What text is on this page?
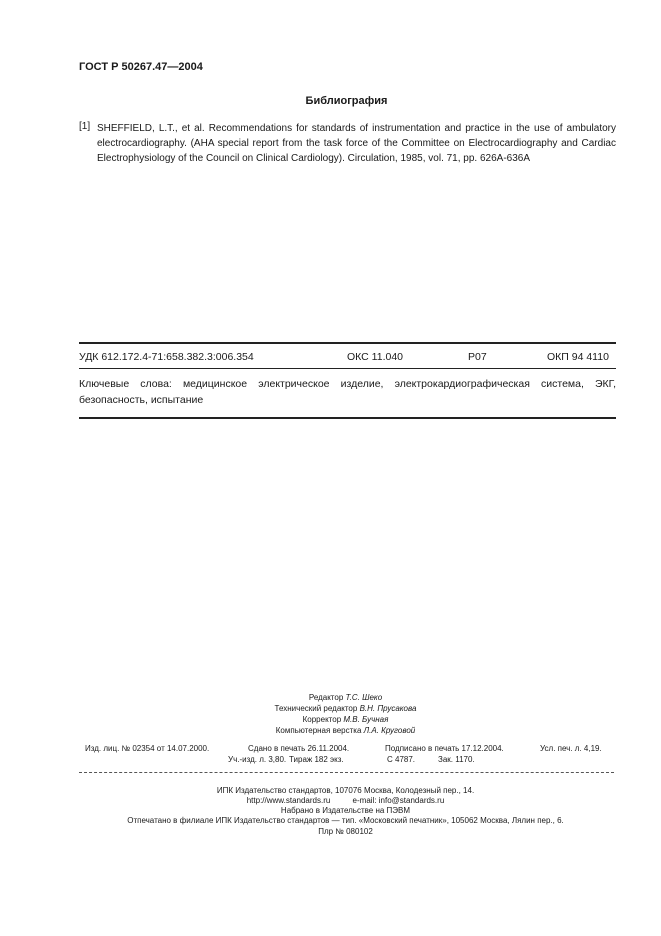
ГОСТ Р 50267.47—2004
Библиография
[1] SHEFFIELD, L.T., et al. Recommendations for standards of instrumentation and practice in the use of ambulatory electrocardiography. (AHA special report from the task force of the Committee on Electrocardiography and Cardiac Electrophysiology of the Council on Clinical Cardiology). Circulation, 1985, vol. 71, pp. 626A-636A
УДК 612.172.4-71:658.382.3:006.354	ОКС 11.040	Р07	ОКП 94 4110
Ключевые слова: медицинское электрическое изделие, электрокардиографическая система, ЭКГ, безопасность, испытание
Редактор Т.С. Шеко
Технический редактор В.Н. Прусакова
Корректор М.В. Бучная
Компьютерная верстка Л.А. Круговой
Изд. лиц. № 02354 от 14.07.2000.	Сдано в печать 26.11.2004.	Подписано в печать 17.12.2004.	Усл. печ. л. 4,19.
Уч.-изд. л. 3,80. Тираж 182 экз.	С 4787.	Зак. 1170.
ИПК Издательство стандартов, 107076 Москва, Колодезный пер., 14.
http://www.standards.ru	e-mail: info@standards.ru
Набрано в Издательстве на ПЭВМ
Отпечатано в филиале ИПК Издательство стандартов — тип. «Московский печатник», 105062 Москва, Лялин пер., 6.
Плр № 080102
